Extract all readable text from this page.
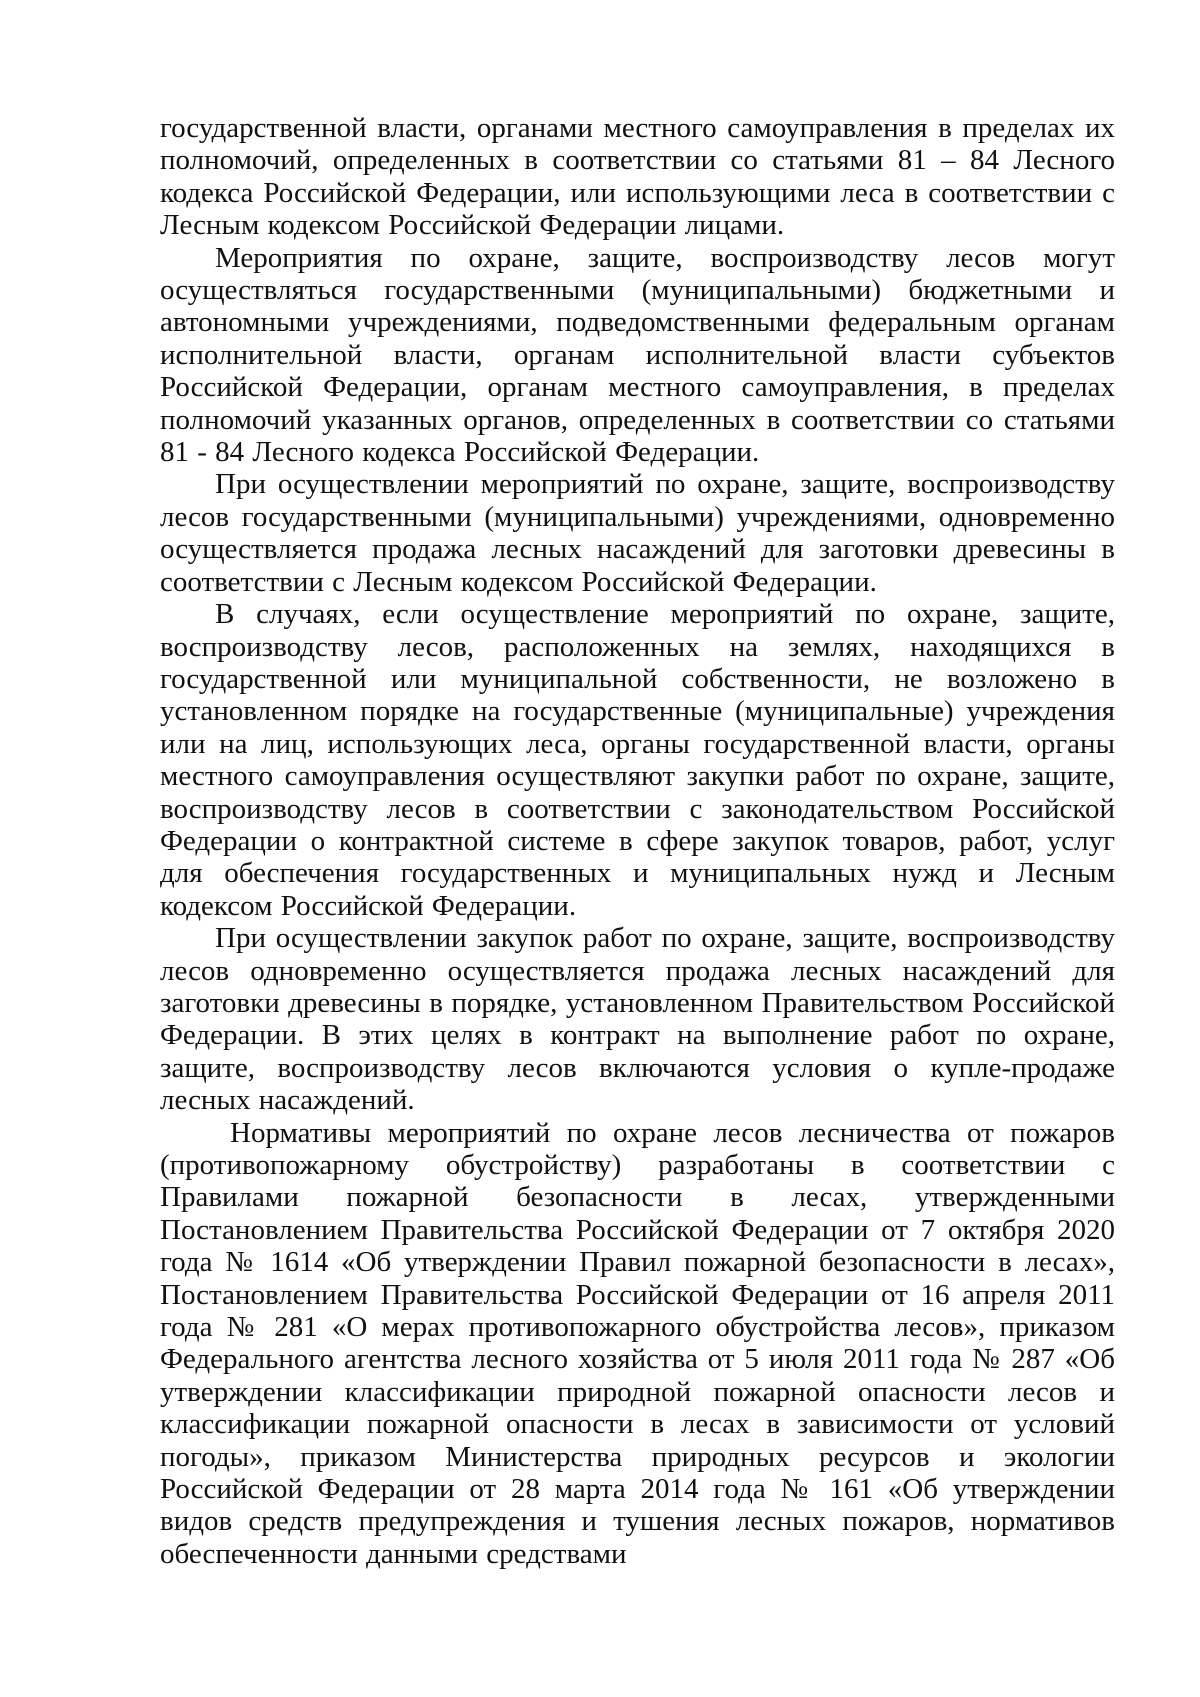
государственной власти, органами местного самоуправления в пределах их полномочий, определенных в соответствии со статьями 81 – 84 Лесного кодекса Российской Федерации, или использующими леса в соответствии с Лесным кодексом Российской Федерации лицами.

Мероприятия по охране, защите, воспроизводству лесов могут осуществляться государственными (муниципальными) бюджетными и автономными учреждениями, подведомственными федеральным органам исполнительной власти, органам исполнительной власти субъектов Российской Федерации, органам местного самоуправления, в пределах полномочий указанных органов, определенных в соответствии со статьями 81 - 84 Лесного кодекса Российской Федерации.

При осуществлении мероприятий по охране, защите, воспроизводству лесов государственными (муниципальными) учреждениями, одновременно осуществляется продажа лесных насаждений для заготовки древесины в соответствии с Лесным кодексом Российской Федерации.

В случаях, если осуществление мероприятий по охране, защите, воспроизводству лесов, расположенных на землях, находящихся в государственной или муниципальной собственности, не возложено в установленном порядке на государственные (муниципальные) учреждения или на лиц, использующих леса, органы государственной власти, органы местного самоуправления осуществляют закупки работ по охране, защите, воспроизводству лесов в соответствии с законодательством Российской Федерации о контрактной системе в сфере закупок товаров, работ, услуг для обеспечения государственных и муниципальных нужд и Лесным кодексом Российской Федерации.

При осуществлении закупок работ по охране, защите, воспроизводству лесов одновременно осуществляется продажа лесных насаждений для заготовки древесины в порядке, установленном Правительством Российской Федерации. В этих целях в контракт на выполнение работ по охране, защите, воспроизводству лесов включаются условия о купле-продаже лесных насаждений.

Нормативы мероприятий по охране лесов лесничества от пожаров (противопожарному обустройству) разработаны в соответствии с Правилами пожарной безопасности в лесах, утвержденными Постановлением Правительства Российской Федерации от 7 октября 2020 года № 1614 «Об утверждении Правил пожарной безопасности в лесах», Постановлением Правительства Российской Федерации от 16 апреля 2011 года № 281 «О мерах противопожарного обустройства лесов», приказом Федерального агентства лесного хозяйства от 5 июля 2011 года № 287 «Об утверждении классификации природной пожарной опасности лесов и классификации пожарной опасности в лесах в зависимости от условий погоды», приказом Министерства природных ресурсов и экологии Российской Федерации от 28 марта 2014 года № 161 «Об утверждении видов средств предупреждения и тушения лесных пожаров, нормативов обеспеченности данными средствами
